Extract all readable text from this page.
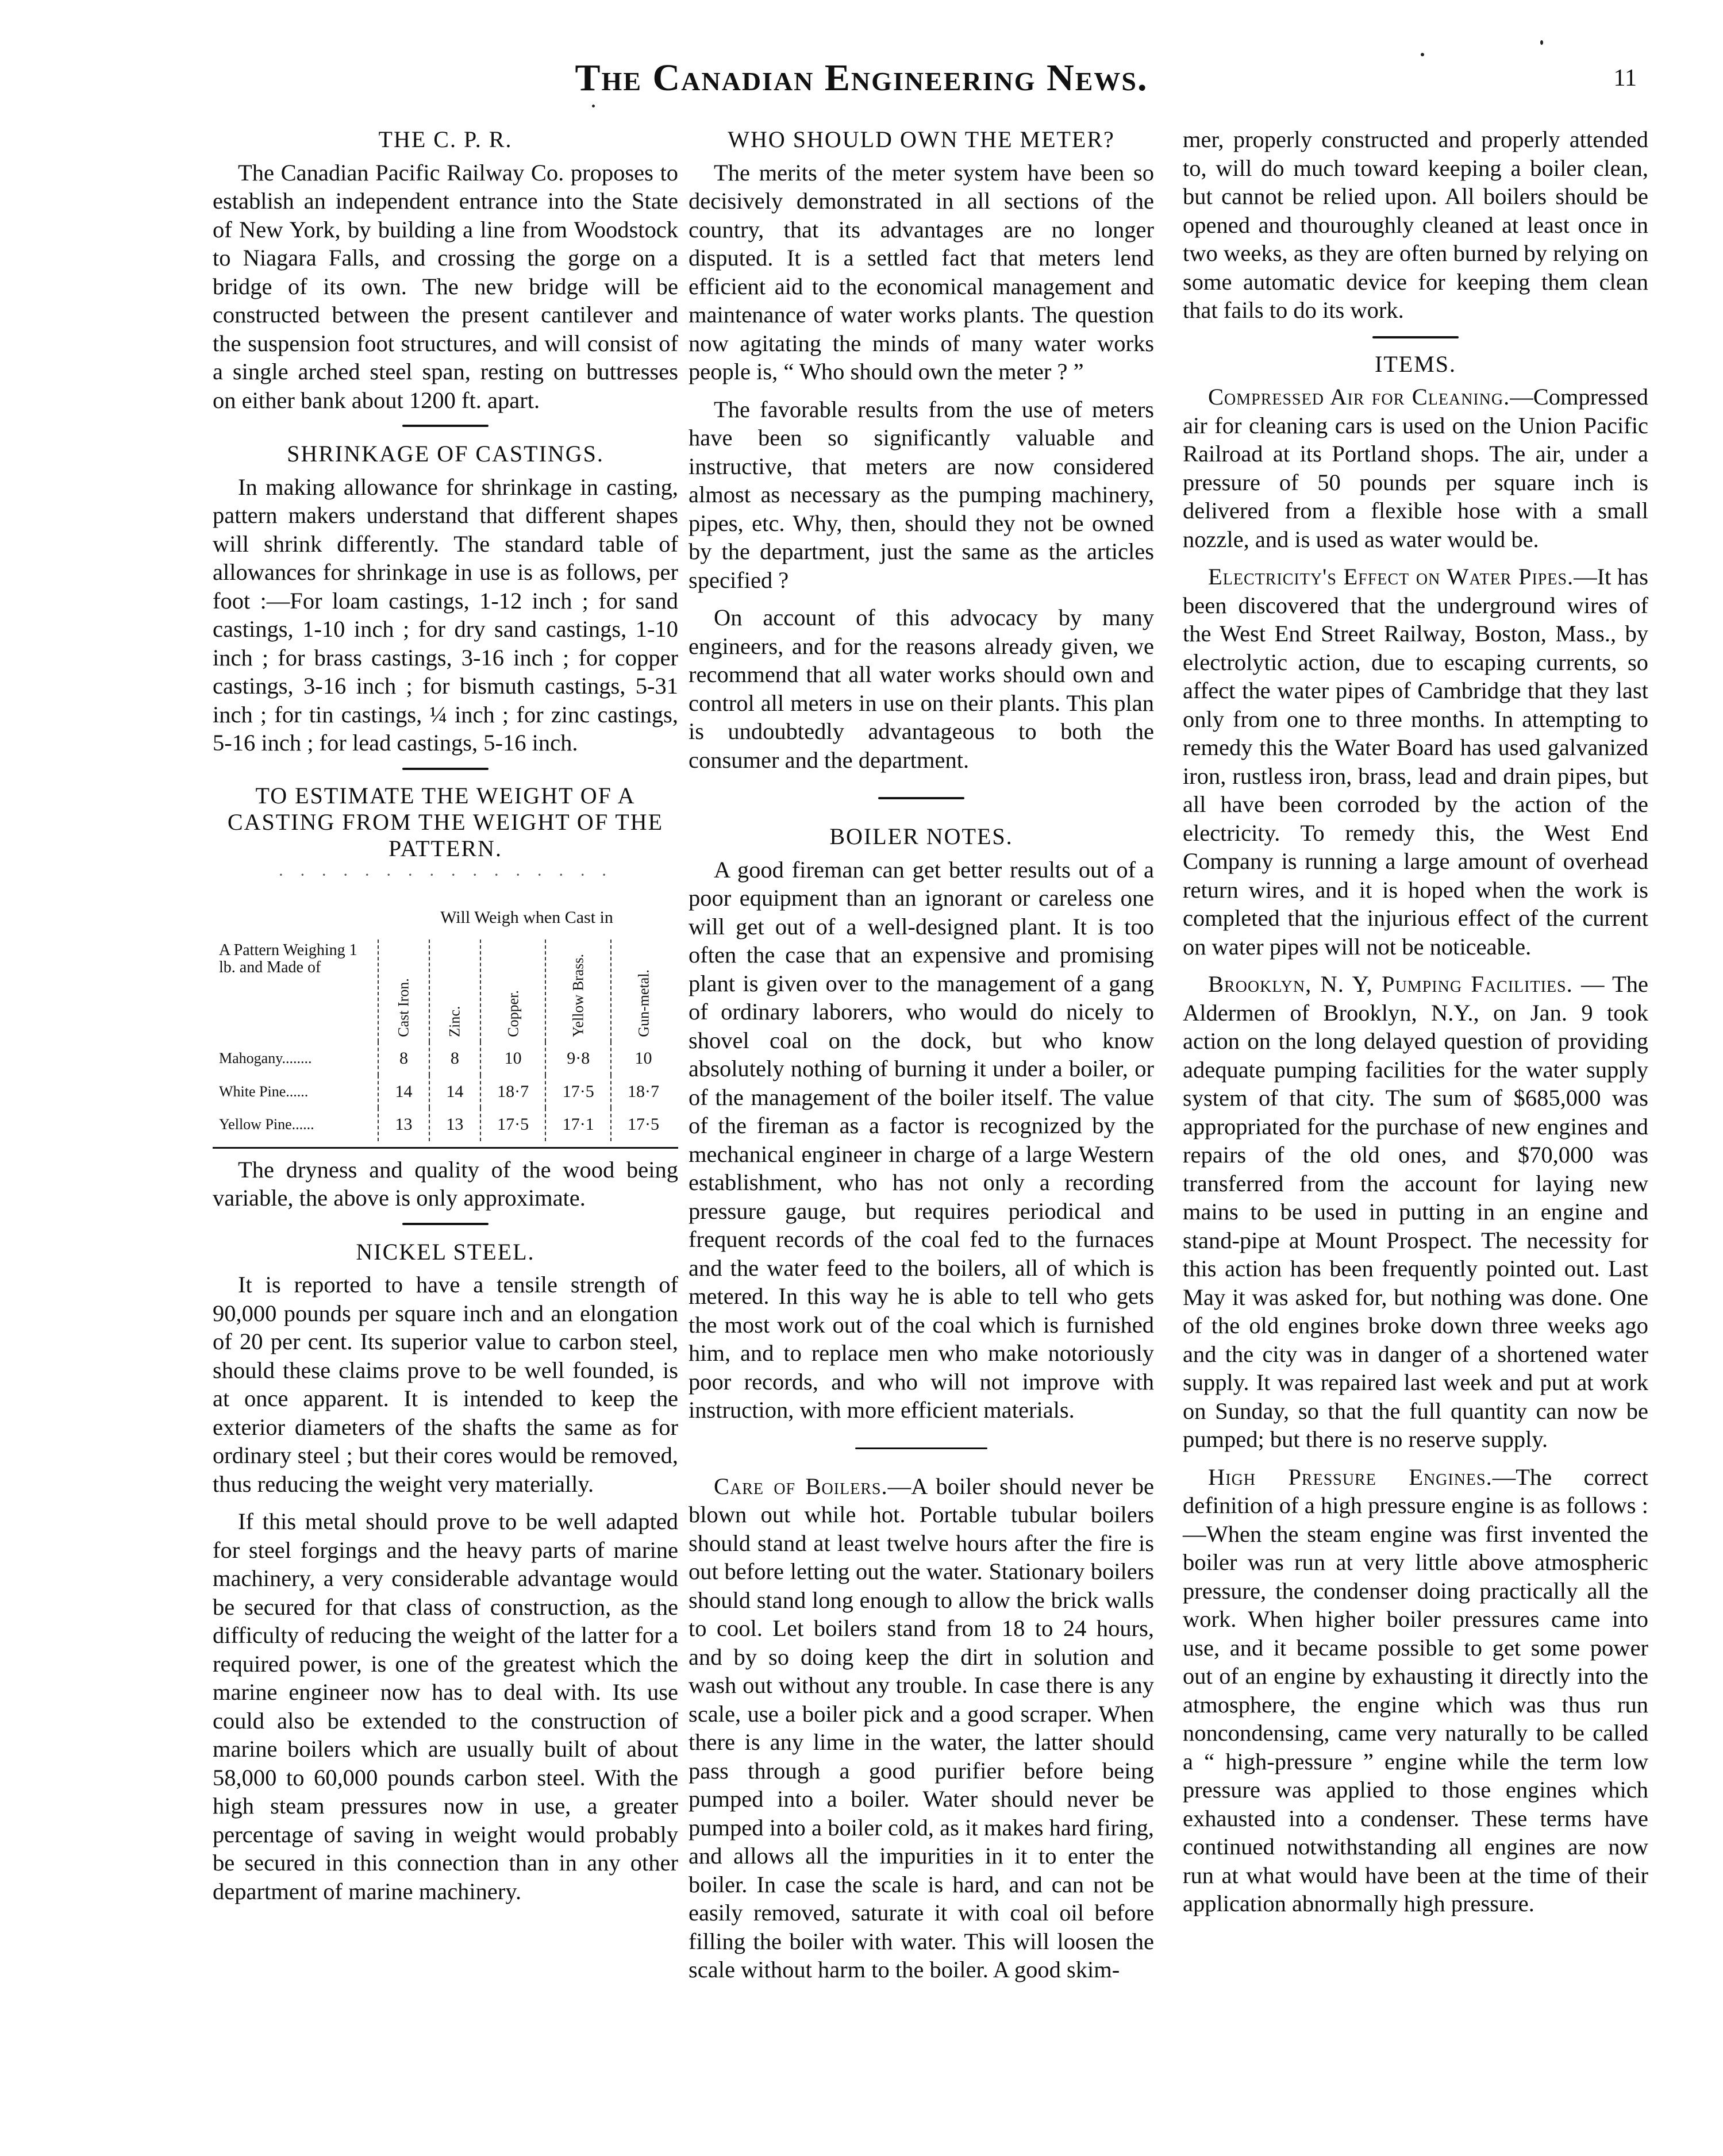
The Canadian Engineering News.	11
THE C. P. R.

The Canadian Pacific Railway Co. proposes to establish an independent entrance into the State of New York, by building a line from Woodstock to Niagara Falls, and crossing the gorge on a bridge of its own. The new bridge will be constructed between the present cantilever and the suspension foot structures, and will consist of a single arched steel span, resting on buttresses on either bank about 1200 ft. apart.

SHRINKAGE OF CASTINGS.

In making allowance for shrinkage in casting, pattern makers understand that different shapes will shrink differently. The standard table of allowances for shrinkage in use is as follows, per foot :—For loam castings, 1-12 inch ; for sand castings, 1-10 inch ; for dry sand castings, 1-10 inch ; for brass castings, 3-16 inch ; for copper castings, 3-16 inch ; for bismuth castings, 5-31 inch ; for tin castings, ¼ inch ; for zinc castings, 5-16 inch ; for lead castings, 5-16 inch.

TO ESTIMATE THE WEIGHT OF A CASTING FROM THE WEIGHT OF THE PATTERN.
· · · · · · · · · · · · · · · ·
	Will Weigh when Cast in				
A Pattern Weighing 1 lb. and Made of	Cast Iron.	Zinc.	Copper.	Yellow Brass.	Gun-metal.
Mahogany........	8	8	10	9·8	10
White Pine......	14	14	18·7	17·5	18·7
Yellow Pine......	13	13	17·5	17·1	17·5

The dryness and quality of the wood being variable, the above is only approximate.

NICKEL STEEL.

It is reported to have a tensile strength of 90,000 pounds per square inch and an elongation of 20 per cent. Its superior value to carbon steel, should these claims prove to be well founded, is at once apparent. It is intended to keep the exterior diameters of the shafts the same as for ordinary steel ; but their cores would be removed, thus reducing the weight very materially.

If this metal should prove to be well adapted for steel forgings and the heavy parts of marine machinery, a very considerable advantage would be secured for that class of construction, as the difficulty of reducing the weight of the latter for a required power, is one of the greatest which the marine engineer now has to deal with. Its use could also be extended to the construction of marine boilers which are usually built of about 58,000 to 60,000 pounds carbon steel. With the high steam pressures now in use, a greater percentage of saving in weight would probably be secured in this connection than in any other department of marine machinery.

WHO SHOULD OWN THE METER?

The merits of the meter system have been so decisively demonstrated in all sections of the country, that its advantages are no longer disputed. It is a settled fact that meters lend efficient aid to the economical management and maintenance of water works plants. The question now agitating the minds of many water works people is, “ Who should own the meter ? ”

The favorable results from the use of meters have been so significantly valuable and instructive, that meters are now considered almost as necessary as the pumping machinery, pipes, etc. Why, then, should they not be owned by the department, just the same as the articles specified ?

On account of this advocacy by many engineers, and for the reasons already given, we recommend that all water works should own and control all meters in use on their plants. This plan is undoubtedly advantageous to both the consumer and the department.

BOILER NOTES.

A good fireman can get better results out of a poor equipment than an ignorant or careless one will get out of a well-designed plant. It is too often the case that an expensive and promising plant is given over to the management of a gang of ordinary laborers, who would do nicely to shovel coal on the dock, but who know absolutely nothing of burning it under a boiler, or of the management of the boiler itself. The value of the fireman as a factor is recognized by the mechanical engineer in charge of a large Western establishment, who has not only a recording pressure gauge, but requires periodical and frequent records of the coal fed to the furnaces and the water feed to the boilers, all of which is metered. In this way he is able to tell who gets the most work out of the coal which is furnished him, and to replace men who make notoriously poor records, and who will not improve with instruction, with more efficient materials.

Care of Boilers.—A boiler should never be blown out while hot. Portable tubular boilers should stand at least twelve hours after the fire is out before letting out the water. Stationary boilers should stand long enough to allow the brick walls to cool. Let boilers stand from 18 to 24 hours, and by so doing keep the dirt in solution and wash out without any trouble. In case there is any scale, use a boiler pick and a good scraper. When there is any lime in the water, the latter should pass through a good purifier before being pumped into a boiler. Water should never be pumped into a boiler cold, as it makes hard firing, and allows all the impurities in it to enter the boiler. In case the scale is hard, and can not be easily removed, saturate it with coal oil before filling the boiler with water. This will loosen the scale without harm to the boiler. A good skim-

mer, properly constructed and properly attended to, will do much toward keeping a boiler clean, but cannot be relied upon. All boilers should be opened and thouroughly cleaned at least once in two weeks, as they are often burned by relying on some automatic device for keeping them clean that fails to do its work.

ITEMS.

Compressed Air for Cleaning.—Compressed air for cleaning cars is used on the Union Pacific Railroad at its Portland shops. The air, under a pressure of 50 pounds per square inch is delivered from a flexible hose with a small nozzle, and is used as water would be.

Electricity's Effect on Water Pipes.—It has been discovered that the underground wires of the West End Street Railway, Boston, Mass., by electrolytic action, due to escaping currents, so affect the water pipes of Cambridge that they last only from one to three months. In attempting to remedy this the Water Board has used galvanized iron, rustless iron, brass, lead and drain pipes, but all have been corroded by the action of the electricity. To remedy this, the West End Company is running a large amount of overhead return wires, and it is hoped when the work is completed that the injurious effect of the current on water pipes will not be noticeable.

Brooklyn, N. Y, Pumping Facilities. — The Aldermen of Brooklyn, N.Y., on Jan. 9 took action on the long delayed question of providing adequate pumping facilities for the water supply system of that city. The sum of $685,000 was appropriated for the purchase of new engines and repairs of the old ones, and $70,000 was transferred from the account for laying new mains to be used in putting in an engine and stand-pipe at Mount Prospect. The necessity for this action has been frequently pointed out. Last May it was asked for, but nothing was done. One of the old engines broke down three weeks ago and the city was in danger of a shortened water supply. It was repaired last week and put at work on Sunday, so that the full quantity can now be pumped; but there is no reserve supply.

High Pressure Engines.—The correct definition of a high pressure engine is as follows :—When the steam engine was first invented the boiler was run at very little above atmospheric pressure, the condenser doing practically all the work. When higher boiler pressures came into use, and it became possible to get some power out of an engine by exhausting it directly into the atmosphere, the engine which was thus run noncondensing, came very naturally to be called a “ high-pressure ” engine while the term low pressure was applied to those engines which exhausted into a condenser. These terms have continued notwithstanding all engines are now run at what would have been at the time of their application abnormally high pressure.
